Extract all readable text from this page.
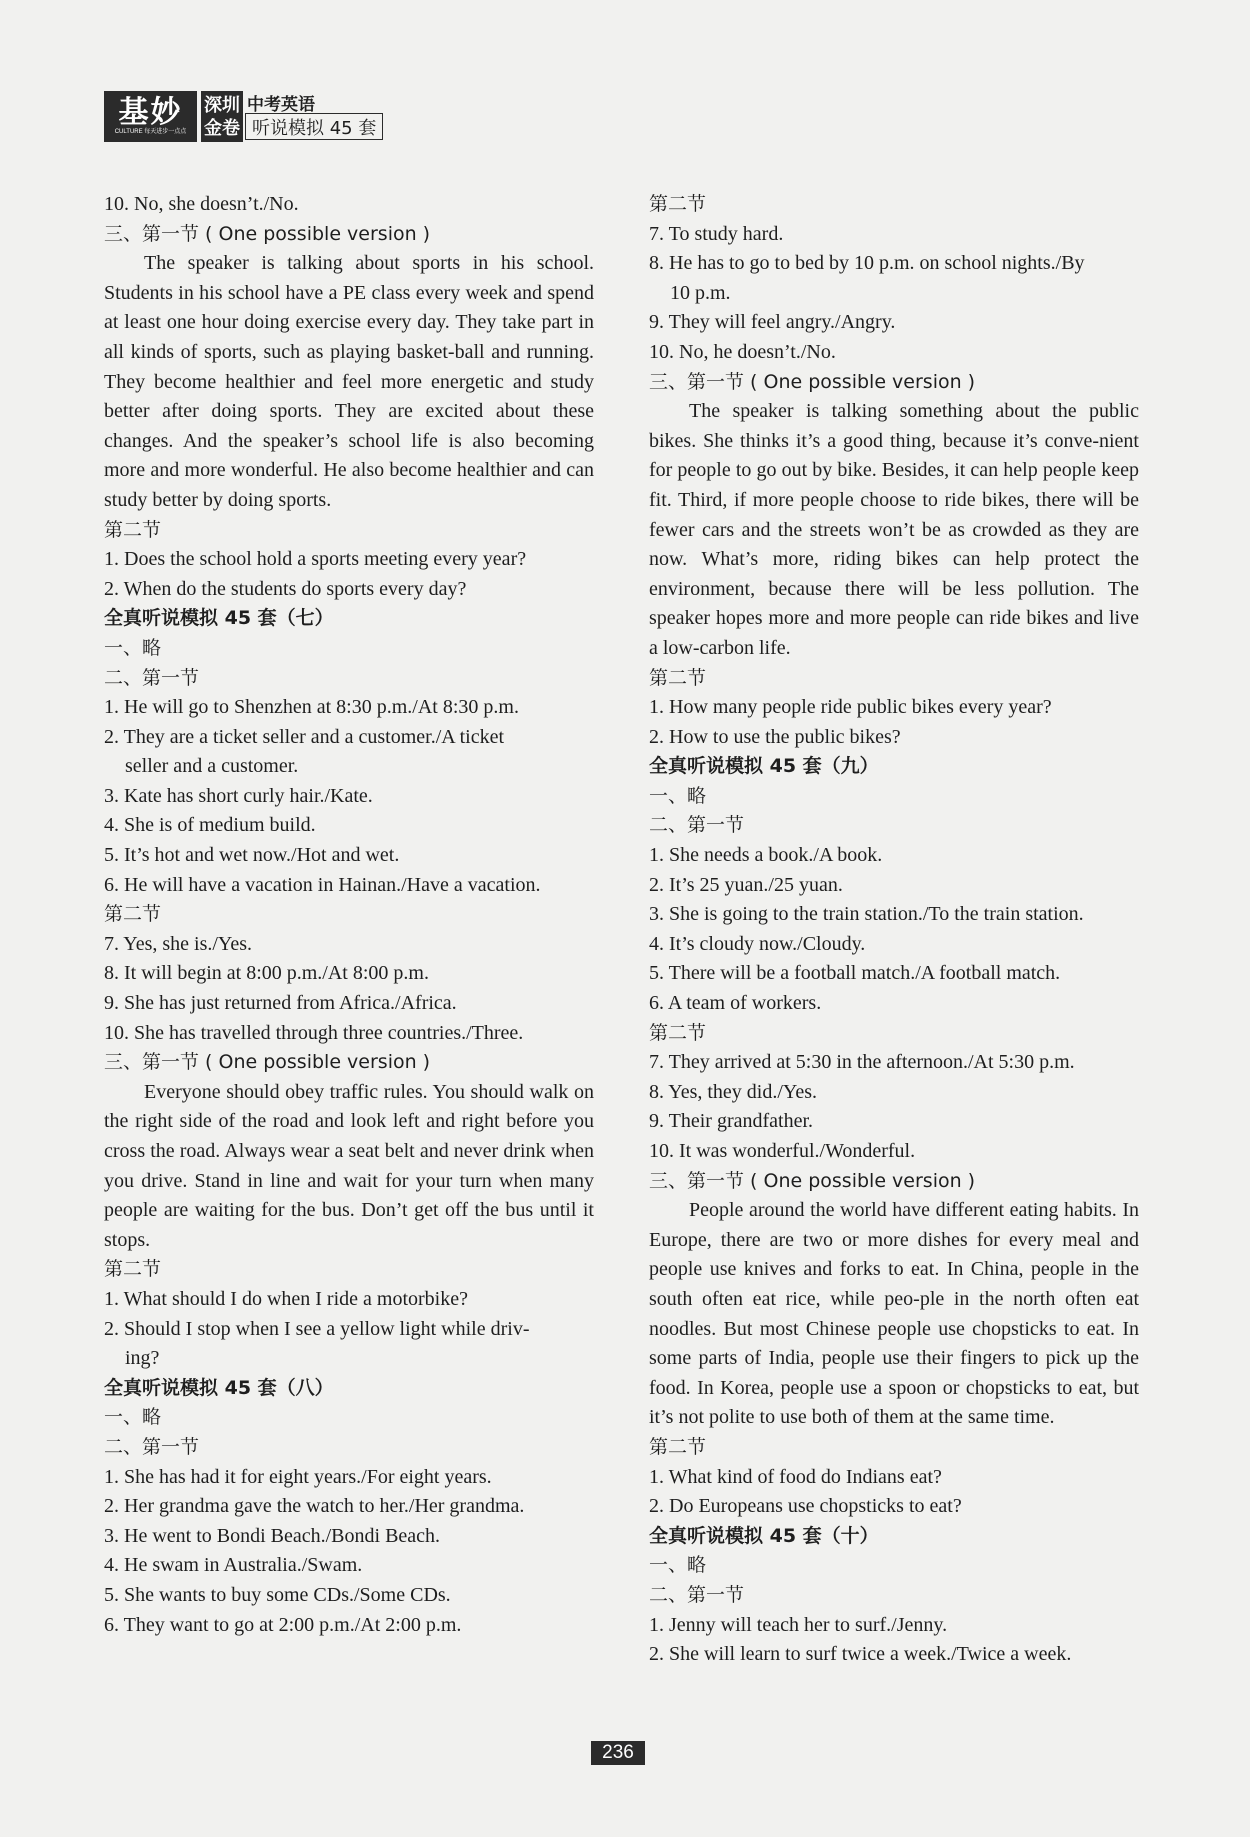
基妙
CULTURE 每天进步一点点
深圳
金卷
中考英语
听说模拟 45 套
10. No, she doesn’t./No.
三、第一节 ( One possible version )
The speaker is talking about sports in his school. Students in his school have a PE class every week and spend at least one hour doing exercise every day. They take part in all kinds of sports, such as playing basket-ball and running. They become healthier and feel more energetic and study better after doing sports. They are excited about these changes. And the speaker’s school life is also becoming more and more wonderful. He also become healthier and can study better by doing sports.
第二节
1. Does the school hold a sports meeting every year?
2. When do the students do sports every day?
全真听说模拟 45 套（七）
一、略
二、第一节
1. He will go to Shenzhen at 8:30 p.m./At 8:30 p.m.
2. They are a ticket seller and a customer./A ticket
seller and a customer.
3. Kate has short curly hair./Kate.
4. She is of medium build.
5. It’s hot and wet now./Hot and wet.
6. He will have a vacation in Hainan./Have a vacation.
第二节
7. Yes, she is./Yes.
8. It will begin at 8:00 p.m./At 8:00 p.m.
9. She has just returned from Africa./Africa.
10. She has travelled through three countries./Three.
三、第一节 ( One possible version )
Everyone should obey traffic rules. You should walk on the right side of the road and look left and right before you cross the road. Always wear a seat belt and never drink when you drive. Stand in line and wait for your turn when many people are waiting for the bus. Don’t get off the bus until it stops.
第二节
1. What should I do when I ride a motorbike?
2. Should I stop when I see a yellow light while driv-
ing?
全真听说模拟 45 套（八）
一、略
二、第一节
1. She has had it for eight years./For eight years.
2. Her grandma gave the watch to her./Her grandma.
3. He went to Bondi Beach./Bondi Beach.
4. He swam in Australia./Swam.
5. She wants to buy some CDs./Some CDs.
6. They want to go at 2:00 p.m./At 2:00 p.m.
第二节
7. To study hard.
8. He has to go to bed by 10 p.m. on school nights./By
10 p.m.
9. They will feel angry./Angry.
10. No, he doesn’t./No.
三、第一节 ( One possible version )
The speaker is talking something about the public bikes. She thinks it’s a good thing, because it’s conve-nient for people to go out by bike. Besides, it can help people keep fit. Third, if more people choose to ride bikes, there will be fewer cars and the streets won’t be as crowded as they are now. What’s more, riding bikes can help protect the environment, because there will be less pollution. The speaker hopes more and more people can ride bikes and live a low-carbon life.
第二节
1. How many people ride public bikes every year?
2. How to use the public bikes?
全真听说模拟 45 套（九）
一、略
二、第一节
1. She needs a book./A book.
2. It’s 25 yuan./25 yuan.
3. She is going to the train station./To the train station.
4. It’s cloudy now./Cloudy.
5. There will be a football match./A football match.
6. A team of workers.
第二节
7. They arrived at 5:30 in the afternoon./At 5:30 p.m.
8. Yes, they did./Yes.
9. Their grandfather.
10. It was wonderful./Wonderful.
三、第一节 ( One possible version )
People around the world have different eating habits. In Europe, there are two or more dishes for every meal and people use knives and forks to eat. In China, people in the south often eat rice, while peo-ple in the north often eat noodles. But most Chinese people use chopsticks to eat. In some parts of India, people use their fingers to pick up the food. In Korea, people use a spoon or chopsticks to eat, but it’s not polite to use both of them at the same time.
第二节
1. What kind of food do Indians eat?
2. Do Europeans use chopsticks to eat?
全真听说模拟 45 套（十）
一、略
二、第一节
1. Jenny will teach her to surf./Jenny.
2. She will learn to surf twice a week./Twice a week.
236
